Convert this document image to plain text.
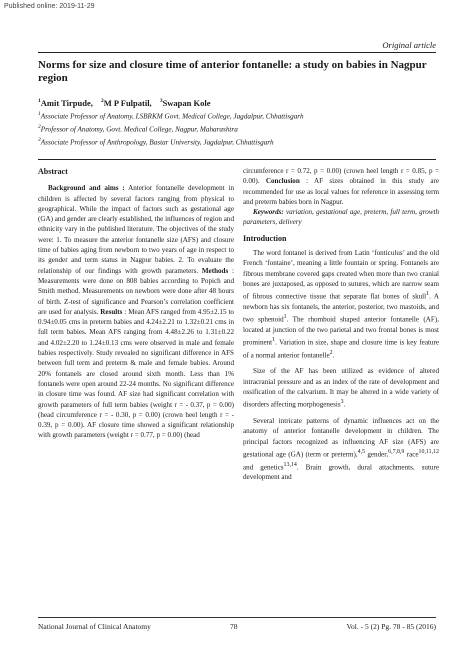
Published online: 2019-11-29
Original article
Norms for size and closure time of anterior fontanelle: a study on babies in Nagpur region
$^1$Amit Tirpude, $^2$M P Fulpatil, $^3$Swapan Kole
$^1$Associate Professor of Anatomy, LSBRKM Govt. Medical College, Jagdalpur, Chhattisgarh
$^2$Professor of Anatomy, Govt. Medical College, Nagpur, Maharashtra
$^3$Associate Professor of Anthropology, Bastar University, Jagdalpur, Chhattisgarh
Abstract

Background and aims : Anterior fontanelle development in children is affected by several factors ranging from physical to geographical. While the impact of factors such as gestational age (GA) and gender are clearly established, the influences of region and ethnicity vary in the published literature. The objectives of the study were: 1. To measure the anterior fontanelle size (AFS) and closure time of babies aging from newborn to two years of age in respect to its gender and term status in Nagpur babies. 2. To evaluate the relationship of our findings with growth parameters. Methods : Measurements were done on 808 babies according to Popich and Smith method. Measurements on newborn were done after 48 hours of birth. Z-test of significance and Pearson’s correlation coefficient are used for analysis. Results : Mean AFS ranged from 4.95±2.15 to 0.94±0.05 cms in preterm babies and 4.24±2.21 to 1.32±0.21 cms in full term babies. Mean AFS ranging from 4.48±2.26 to 1.31±0.22 and 4.02±2.20 to 1.24±0.13 cms were observed in male and female babies respectively. Study revealed no significant difference in AFS between full term and preterm & male and female babies. Around 20% fontanels are closed around sixth month. Less than 1% fontanels were open around 22-24 months. No significant difference in closure time was found. AF size had significant correlation with growth parameters of full term babies (weight r = - 0.37, p = 0.00) (head circumference r = - 0.30, p = 0.00) (crown heel length r = - 0.39, p = 0.00). AF closure time showed a significant relationship with growth parameters (weight r = 0.77, p = 0.00) (head

circumference r = 0.72, p = 0.00) (crown heel length r = 0.85, p = 0.00). Conclusion : AF sizes obtained in this study are recommended for use as local values for reference in assessing term and preterm babies born in Nagpur.

Keywords: variation, gestational age, preterm, full term, growth parameters, delivery

Introduction

The word fontanel is derived from Latin ‘fonticulus’ and the old French ‘fontaine’, meaning a little fountain or spring. Fontanels are fibrous membrane covered gaps created when more than two cranial bones are juxtaposed, as opposed to sutures, which are narrow seam of fibrous connective tissue that separate flat bones of skull$^1$. A newborn has six fontanels, the anterior, posterior, two mastoids, and two sphenoid$^1$. The rhomboid shaped anterior fontanelle (AF), located at junction of the two parietal and two frontal bones is most prominent$^1$. Variation in size, shape and closure time is key feature of a normal anterior fontanelle$^2$.

Size of the AF has been utilized as evidence of altered intracranial pressure and as an index of the rate of development and ossification of the calvarium. It may be altered in a wide variety of disorders affecting morphogenesis$^3$.

Several intricate patterns of dynamic influences act on the anatomy of anterior fontanelle development in children. The principal factors recognized as influencing AF size (AFS) are gestational age (GA) (term or preterm),$^{4,5}$ gender,$^{6,7,8,9}$ race$^{10,11,12}$ and genetics$^{13,14}$. Brain growth, dural attachments, suture development and

National Journal of Clinical Anatomy	78	Vol. - 5 (2) Pg. 78 - 85 (2016)
